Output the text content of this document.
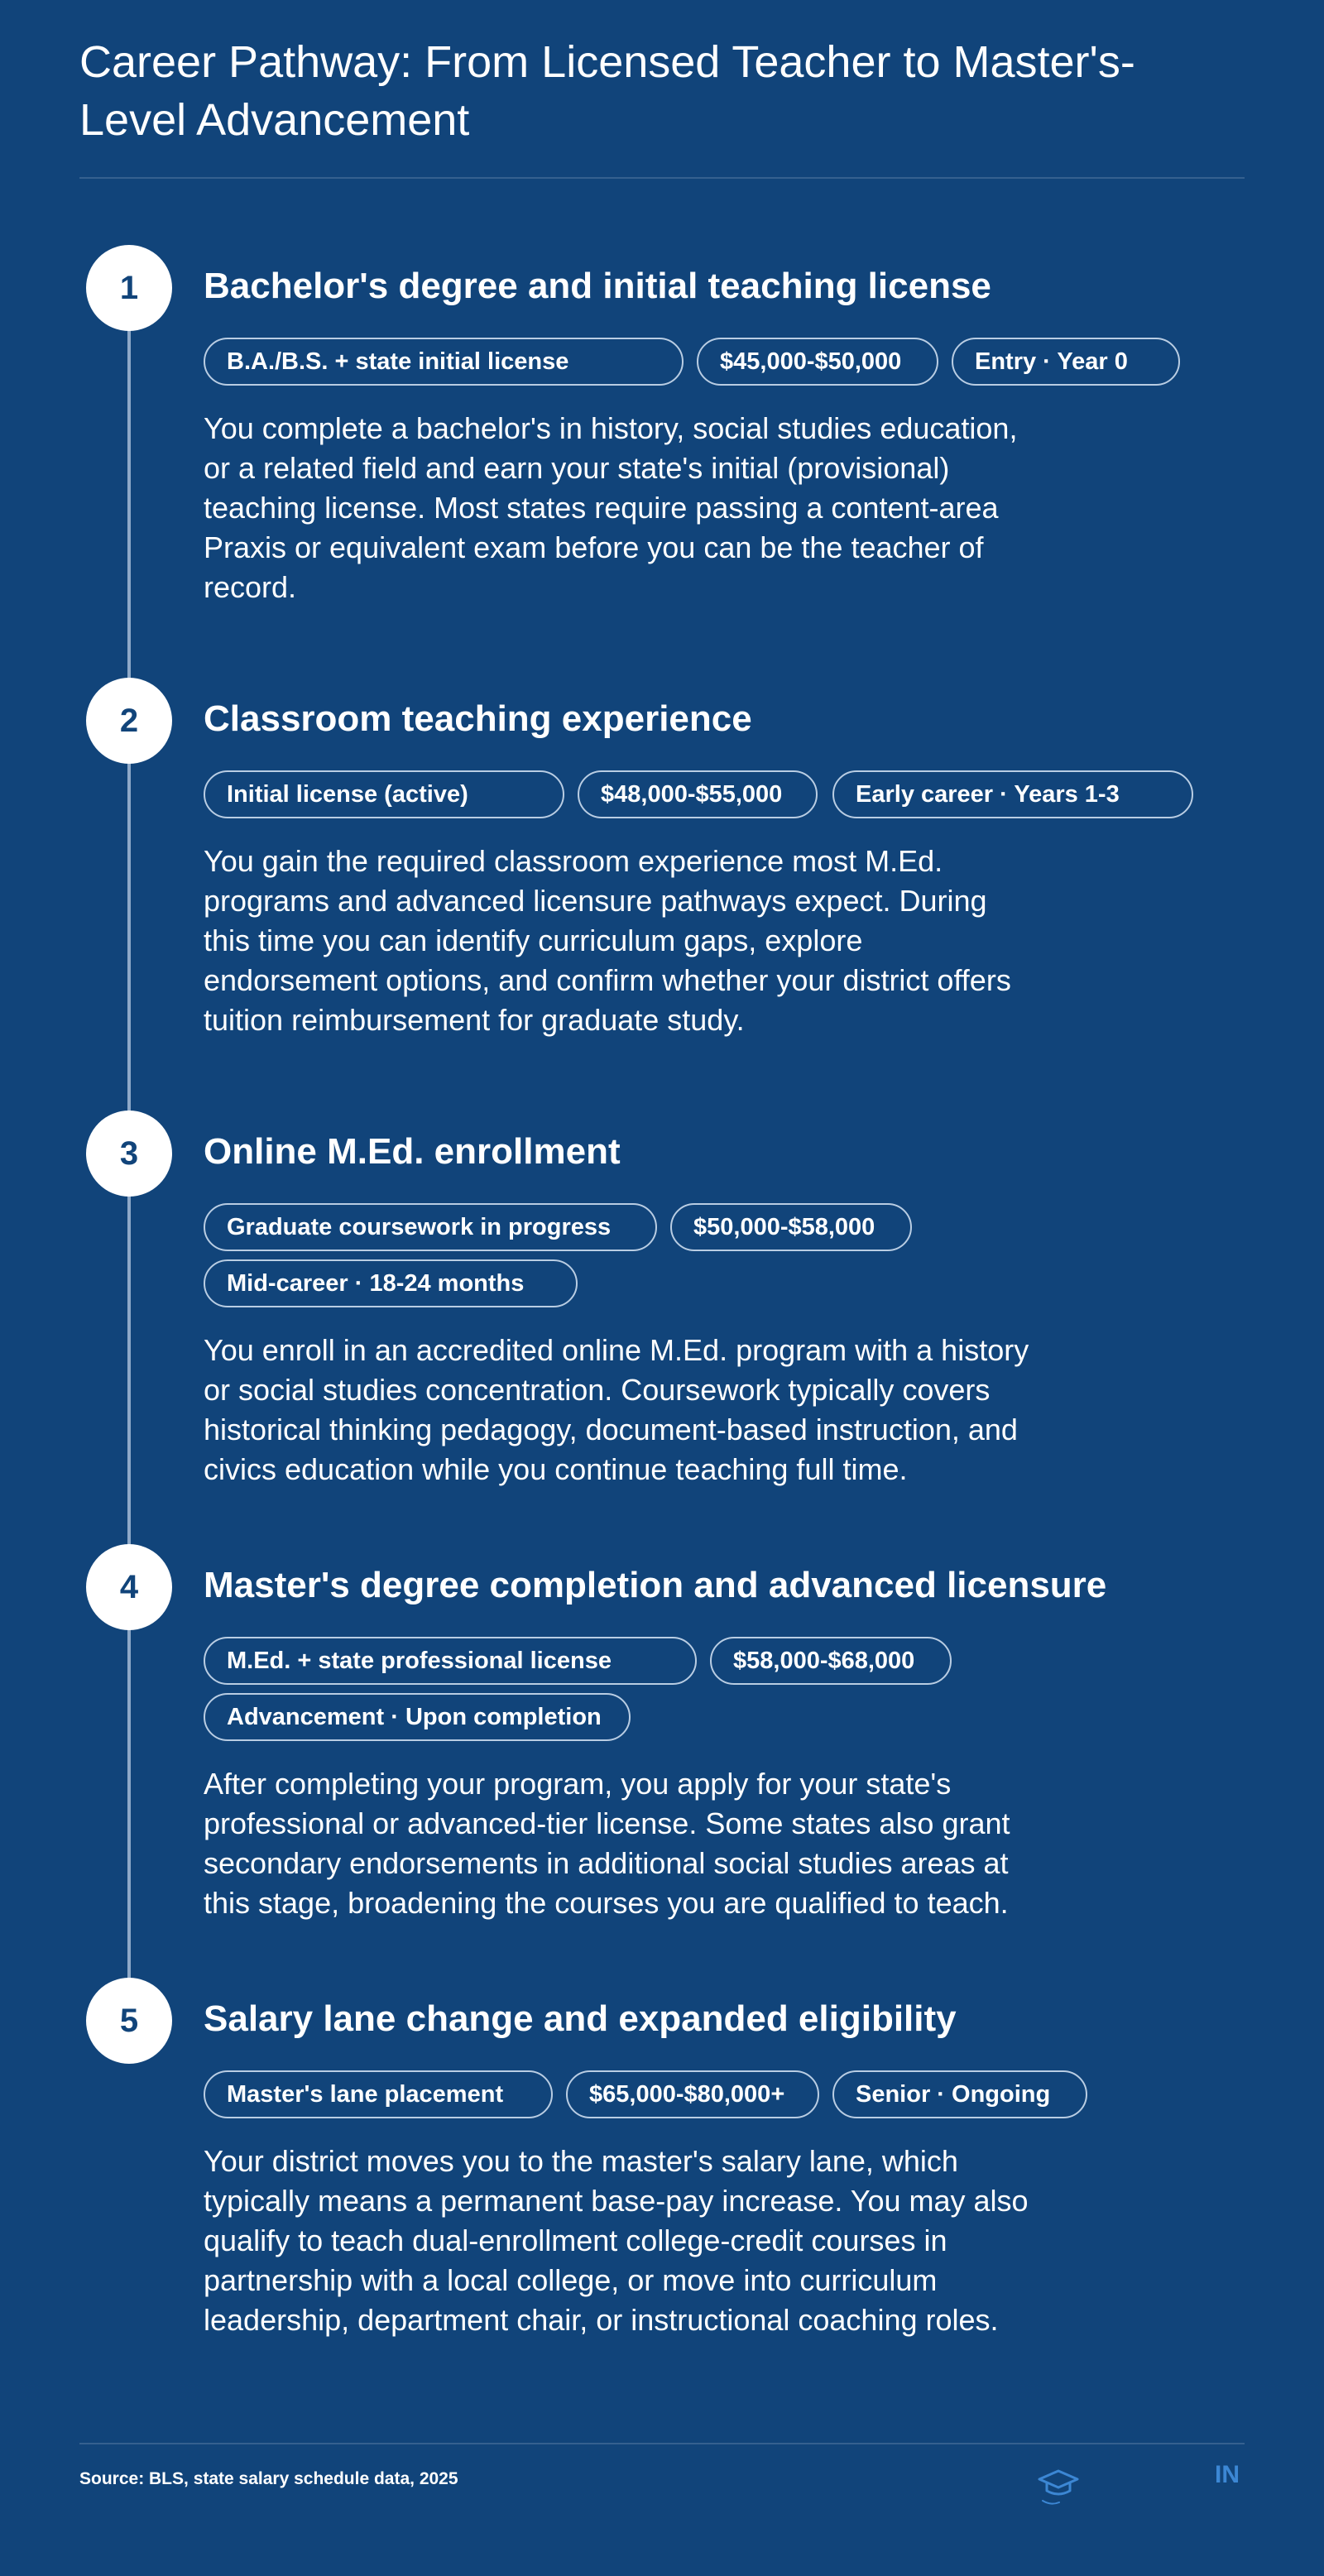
Career Pathway: From Licensed Teacher to Master's-Level Advancement
1	Bachelor's degree and initial teaching license
B.A./B.S. + state initial license	$45,000-$50,000	Entry · Year 0
You complete a bachelor's in history, social studies education, or a related field and earn your state's initial (provisional) teaching license. Most states require passing a content-area Praxis or equivalent exam before you can be the teacher of record.
2	Classroom teaching experience
Initial license (active)	$48,000-$55,000	Early career · Years 1-3
You gain the required classroom experience most M.Ed. programs and advanced licensure pathways expect. During this time you can identify curriculum gaps, explore endorsement options, and confirm whether your district offers tuition reimbursement for graduate study.
3	Online M.Ed. enrollment
Graduate coursework in progress	$50,000-$58,000
Mid-career · 18-24 months
You enroll in an accredited online M.Ed. program with a history or social studies concentration. Coursework typically covers historical thinking pedagogy, document-based instruction, and civics education while you continue teaching full time.
4	Master's degree completion and advanced licensure
M.Ed. + state professional license	$58,000-$68,000
Advancement · Upon completion
After completing your program, you apply for your state's professional or advanced-tier license. Some states also grant secondary endorsements in additional social studies areas at this stage, broadening the courses you are qualified to teach.
5	Salary lane change and expanded eligibility
Master's lane placement	$65,000-$80,000+	Senior · Ongoing
Your district moves you to the master's salary lane, which typically means a permanent base-pay increase. You may also qualify to teach dual-enrollment college-credit courses in partnership with a local college, or move into curriculum leadership, department chair, or instructional coaching roles.
Source: BLS, state salary schedule data, 2025	IN
